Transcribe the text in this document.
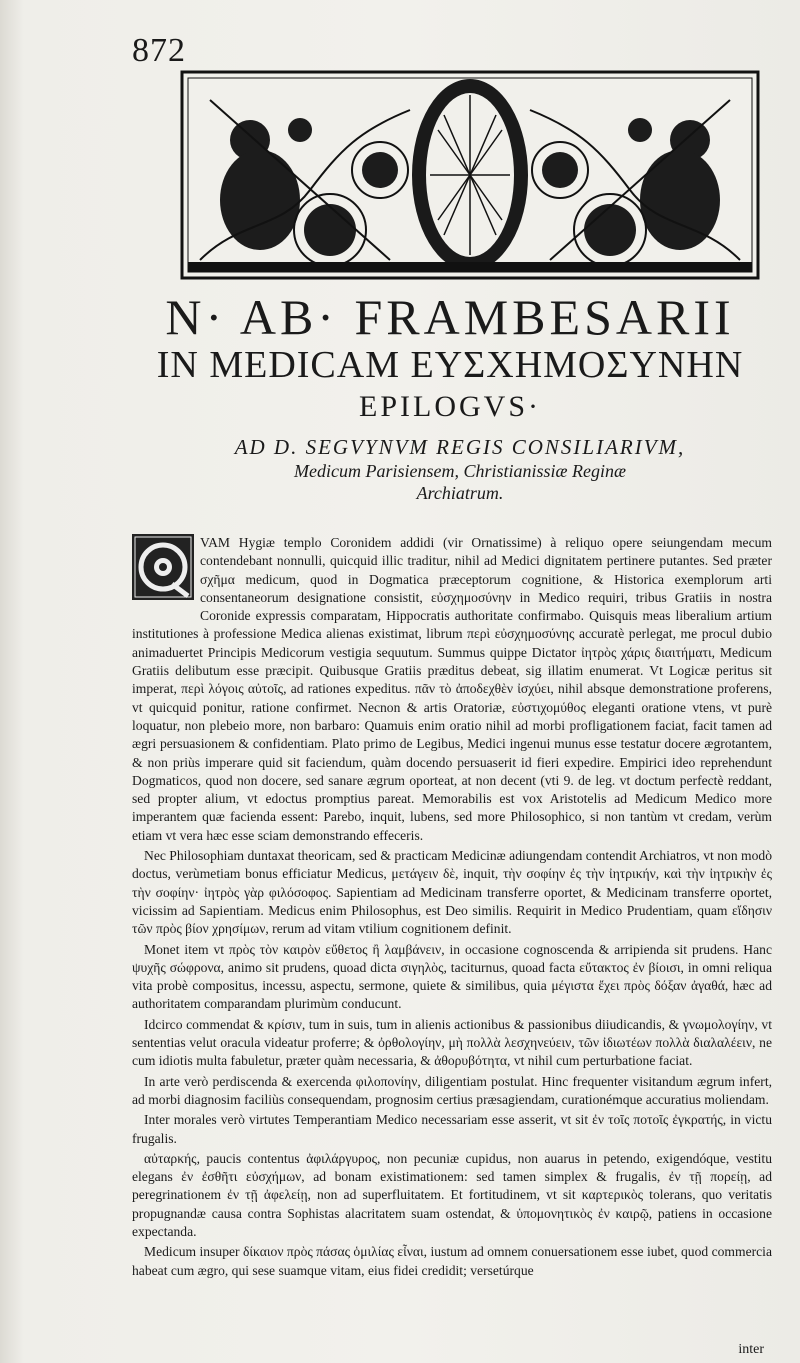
872
N· AB· FRAMBESARII
IN MEDICAM ΕΥΣΧΗΜΟΣΥΝΗΝ
EPILOGVS·
AD D. SEGVYNVM REGIS CONSILIARIVM,
Medicum Parisiensem, Christianissiæ Reginæ
Archiatrum.

VAM Hygiæ templo Coronidem addidi (vir Ornatissime) à reliquo opere seiungendam mecum contendebant nonnulli, quicquid illic traditur, nihil ad Medici dignitatem pertinere putantes. Sed præter σχῆμα medicum, quod in Dogmatica præceptorum cognitione, & Historica exemplorum arti consentaneorum designatione consistit, εὐσχημοσύνην in Medico requiri, tribus Gratiis in nostra Coronide expressis comparatam, Hippocratis authoritate confirmabo. Quisquis meas liberalium artium institutiones à professione Medica alienas existimat, librum περὶ εὐσχημοσύνης accuratè perlegat, me procul dubio animaduertet Principis Medicorum vestigia sequutum. Summus quippe Dictator ἰητρὸς χάρις διαιτήματι, Medicum Gratiis delibutum esse præcipit. Quibusque Gratiis præditus debeat, sig illatim enumerat. Vt Logicæ peritus sit imperat, περὶ λόγοις αὐτοῖς, ad rationes expeditus. πᾶν τὸ ἀποδεχθὲν ἰσχύει, nihil absque demonstratione proferens, vt quicquid ponitur, ratione confirmet. Necnon & artis Oratoriæ, εὐστιχομύθος eleganti oratione vtens, vt purè loquatur, non plebeio more, non barbaro: Quamuis enim oratio nihil ad morbi profligationem faciat, facit tamen ad ægri persuasionem & confidentiam. Plato primo de Legibus, Medici ingenui munus esse testatur docere ægrotantem, & non priùs imperare quid sit faciendum, quàm docendo persuaserit id fieri expedire. Empirici ideo reprehendunt Dogmaticos, quod non docere, sed sanare ægrum oporteat, at non decent (vti 9. de leg. vt doctum perfectè reddant, sed propter alium, vt edoctus promptius pareat. Memorabilis est vox Aristotelis ad Medicum Medico more imperantem quæ facienda essent: Parebo, inquit, lubens, sed more Philosophico, si non tantùm vt credam, verùm etiam vt vera hæc esse sciam demonstrando effeceris.

Nec Philosophiam duntaxat theoricam, sed & practicam Medicinæ adiungendam contendit Archiatros, vt non modò doctus, verùmetiam bonus efficiatur Medicus, μετάγειν δὲ, inquit, τὴν σοφίην ἐς τὴν ἰητρικήν, καὶ τὴν ἰητρικὴν ἐς τὴν σοφίην· ἰητρὸς γὰρ φιλόσοφος. Sapientiam ad Medicinam transferre oportet, & Medicinam transferre oportet, vicissim ad Sapientiam. Medicus enim Philosophus, est Deo similis. Requirit in Medico Prudentiam, quam εἴδησιν τῶν πρὸς βίον χρησίμων, rerum ad vitam vtilium cognitionem definit.

Monet item vt πρὸς τὸν καιρὸν εὔθετος ἢ λαμβάνειν, in occasione cognoscenda & arripienda sit prudens. Hanc ψυχῆς σώφρονα, animo sit prudens, quoad dicta σιγηλὸς, taciturnus, quoad facta εὔτακτος ἐν βίοισι, in omni reliqua vita probè compositus, incessu, aspectu, sermone, quiete & similibus, quia μέγιστα ἔχει πρὸς δόξαν ἀγαθά, hæc ad authoritatem comparandam plurimùm conducunt.

Idcirco commendat & κρίσιν, tum in suis, tum in alienis actionibus & passionibus diiudicandis, & γνωμολογίην, vt sententias velut oracula videatur proferre; & ὀρθολογίην, μὴ πολλὰ λεσχηνεύειν, τῶν ἰδιωτέων πολλὰ διαλαλέειν, ne cum idiotis multa fabuletur, præter quàm necessaria, & ἀθορυβότητα, vt nihil cum perturbatione faciat.

In arte verò perdiscenda & exercenda φιλοπονίην, diligentiam postulat. Hinc frequenter visitandum ægrum infert, ad morbi diagnosim faciliùs consequendam, prognosim certius præsagiendam, curationémque accuratius moliendam.

Inter morales verò virtutes Temperantiam Medico necessariam esse asserit, vt sit ἐν τοῖς ποτοῖς ἐγκρατής, in victu frugalis.

αὐταρκής, paucis contentus ἀφιλάργυρος, non pecuniæ cupidus, non auarus in petendo, exigendóque, vestitu elegans ἐν ἐσθῆτι εὐσχήμων, ad bonam existimationem: sed tamen simplex & frugalis, ἐν τῇ πορείῃ, ad peregrinationem ἐν τῇ ἀφελείῃ, non ad superfluitatem. Et fortitudinem, vt sit καρτερικὸς tolerans, quo veritatis propugnandæ causa contra Sophistas alacritatem suam ostendat, & ὑπομονητικὸς ἐν καιρῷ, patiens in occasione expectanda.

Medicum insuper δίκαιον πρὸς πάσας ὁμιλίας εἶναι, iustum ad omnem conuersationem esse iubet, quod commercia habeat cum ægro, qui sese suamque vitam, eius fidei credidit; versetúrque

inter
